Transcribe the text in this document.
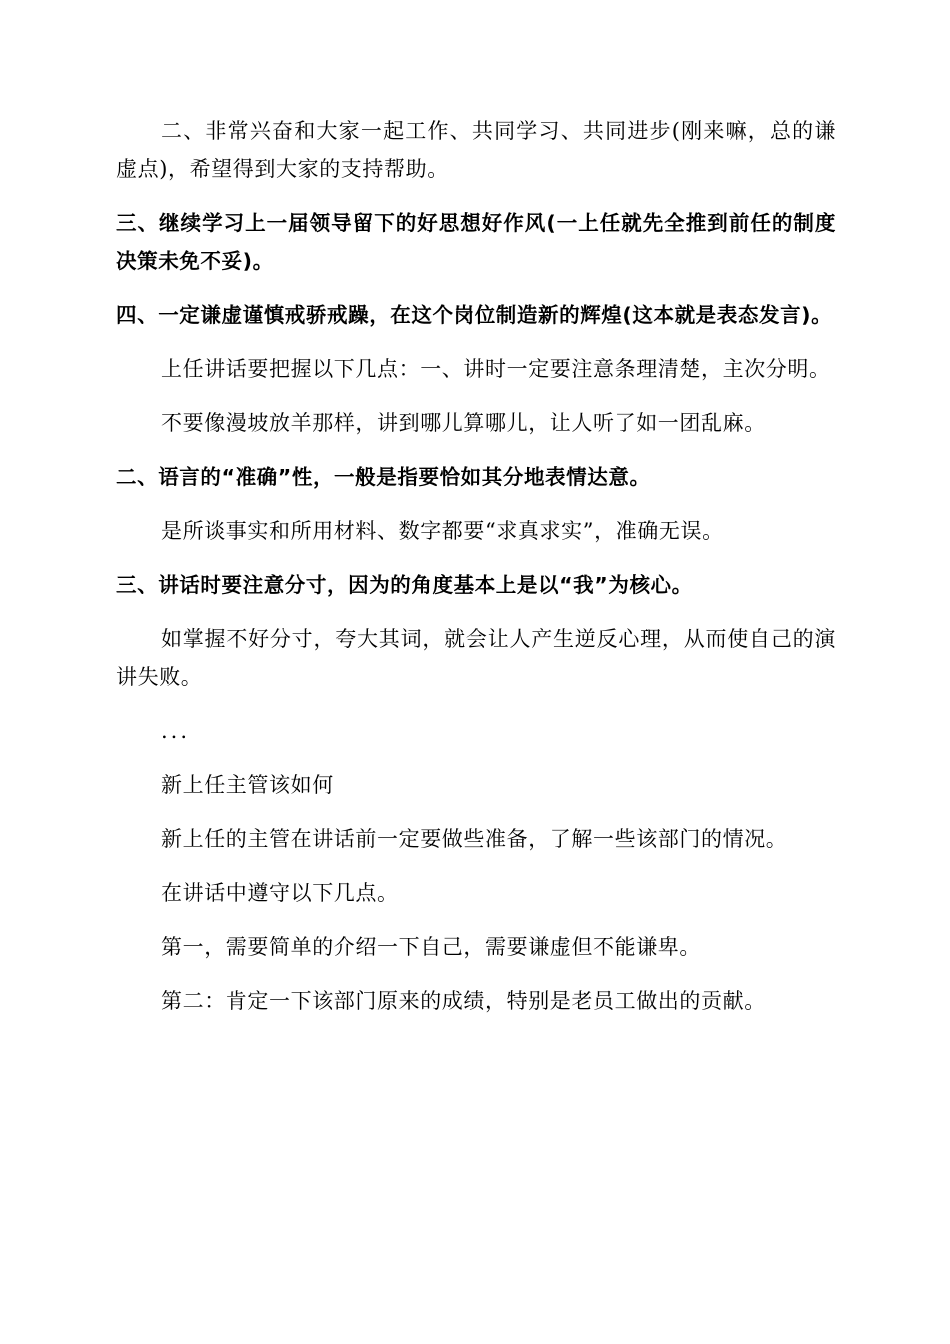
二、非常兴奋和大家一起工作、共同学习、共同进步(刚来嘛，总的谦虚点)，希望得到大家的支持帮助。

三、继续学习上一届领导留下的好思想好作风(一上任就先全推到前任的制度决策未免不妥)。

四、一定谦虚谨慎戒骄戒躁，在这个岗位制造新的辉煌(这本就是表态发言)。

上任讲话要把握以下几点：一、讲时一定要注意条理清楚，主次分明。

不要像漫坡放羊那样，讲到哪儿算哪儿，让人听了如一团乱麻。

二、语言的“准确”性，一般是指要恰如其分地表情达意。

是所谈事实和所用材料、数字都要“求真求实”，准确无误。

三、讲话时要注意分寸，因为的角度基本上是以“我”为核心。

如掌握不好分寸，夸大其词，就会让人产生逆反心理，从而使自己的演讲失败。

...

新上任主管该如何

新上任的主管在讲话前一定要做些准备，了解一些该部门的情况。

在讲话中遵守以下几点。

第一，需要简单的介绍一下自己，需要谦虚但不能谦卑。

第二：肯定一下该部门原来的成绩，特别是老员工做出的贡献。
